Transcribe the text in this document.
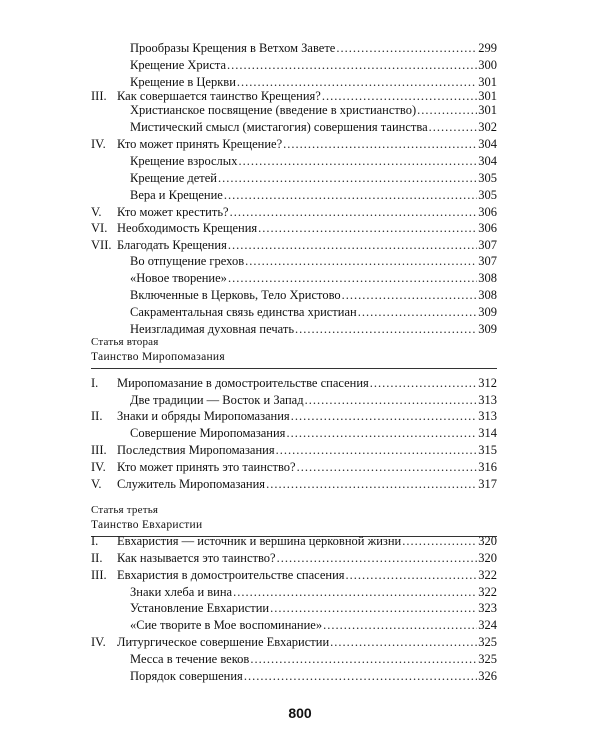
Прообразы Крещения в Ветхом Завете .....	299
Крещение Христа .....	300
Крещение в Церкви .....	301
III. Как совершается таинство Крещения? .....	301
Христианское посвящение (введение в христианство) .....	301
Мистический смысл (мистагогия) совершения таинства .....	302
IV. Кто может принять Крещение? .....	304
Крещение взрослых .....	304
Крещение детей .....	305
Вера и Крещение .....	305
V.	Кто может крестить? .....	306
VI. Необходимость Крещения .....	306
VII. Благодать Крещения .....	307
Во отпущение грехов .....	307
«Новое творение» .....	308
Включенные в Церковь, Тело Христово .....	308
Сакраментальная связь единства христиан .....	309
Неизгладимая духовная печать .....	309
Статья вторая
Таинство Миропомазания
I.	Миропомазание в домостроительстве спасения .....	312
Две традиции — Восток и Запад .....	313
II.	Знаки и обряды Миропомазания .....	313
Совершение Миропомазания .....	314
III. Последствия Миропомазания .....	315
IV. Кто может принять это таинство? .....	316
V.	Служитель Миропомазания .....	317
Статья третья
Таинство Евхаристии
I.	Евхаристия — источник и вершина церковной жизни .....	320
II.	Как называется это таинство? .....	320
III. Евхаристия в домостроительстве спасения .....	322
Знаки хлеба и вина .....	322
Установление Евхаристии .....	323
«Сие творите в Мое воспоминание» .....	324
IV. Литургическое совершение Евхаристии .....	325
Месса в течение веков .....	325
Порядок совершения .....	326
800
